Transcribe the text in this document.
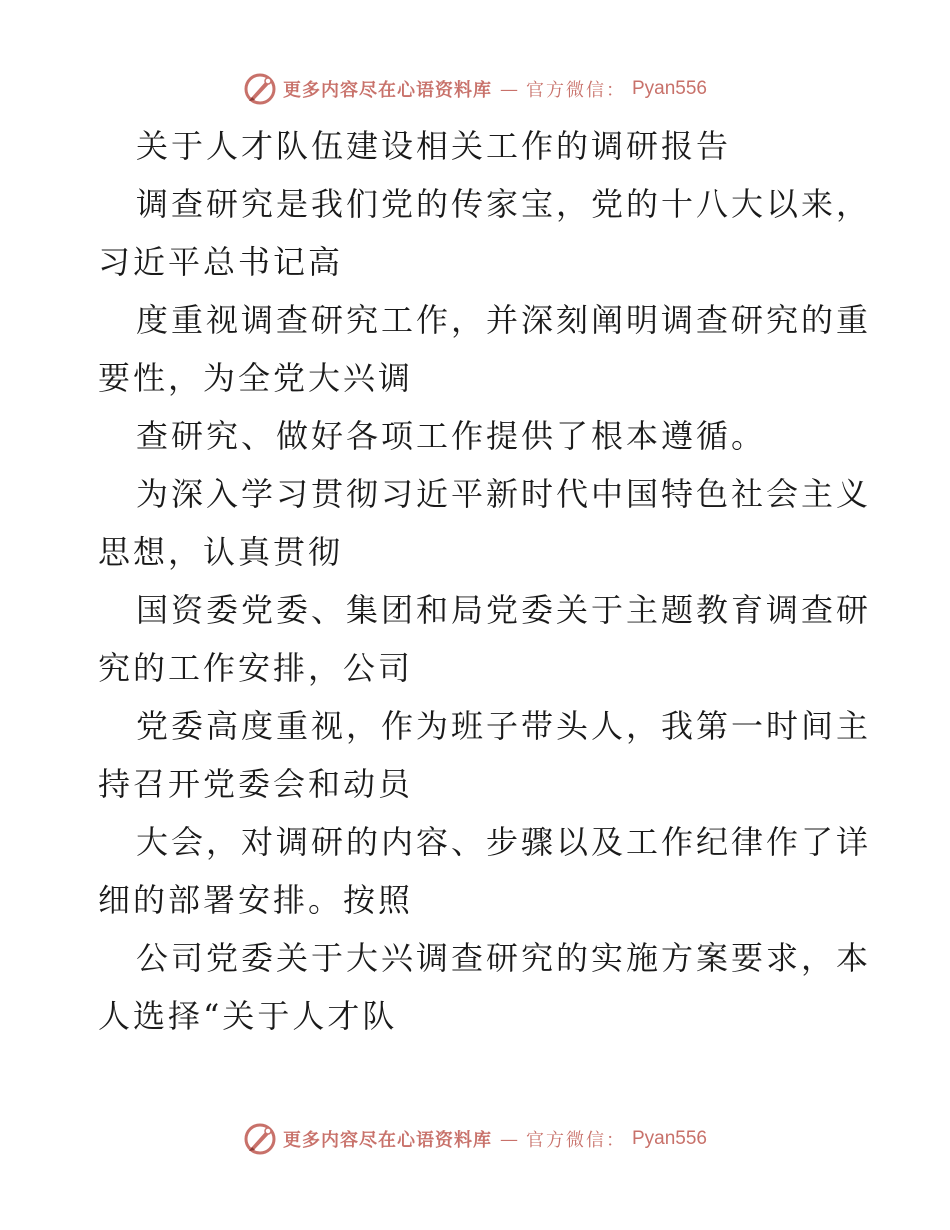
更多内容尽在心语资料库 — 官方微信： Pyan556
关于人才队伍建设相关工作的调研报告
调查研究是我们党的传家宝，党的十八大以来，
习近平总书记高
度重视调查研究工作，并深刻阐明调查研究的重
要性，为全党大兴调
查研究、做好各项工作提供了根本遵循。
为深入学习贯彻习近平新时代中国特色社会主义
思想，认真贯彻
国资委党委、集团和局党委关于主题教育调查研
究的工作安排，公司
党委高度重视，作为班子带头人，我第一时间主
持召开党委会和动员
大会，对调研的内容、步骤以及工作纪律作了详
细的部署安排。按照
公司党委关于大兴调查研究的实施方案要求，本
人选择“关于人才队
更多内容尽在心语资料库 — 官方微信： Pyan556
